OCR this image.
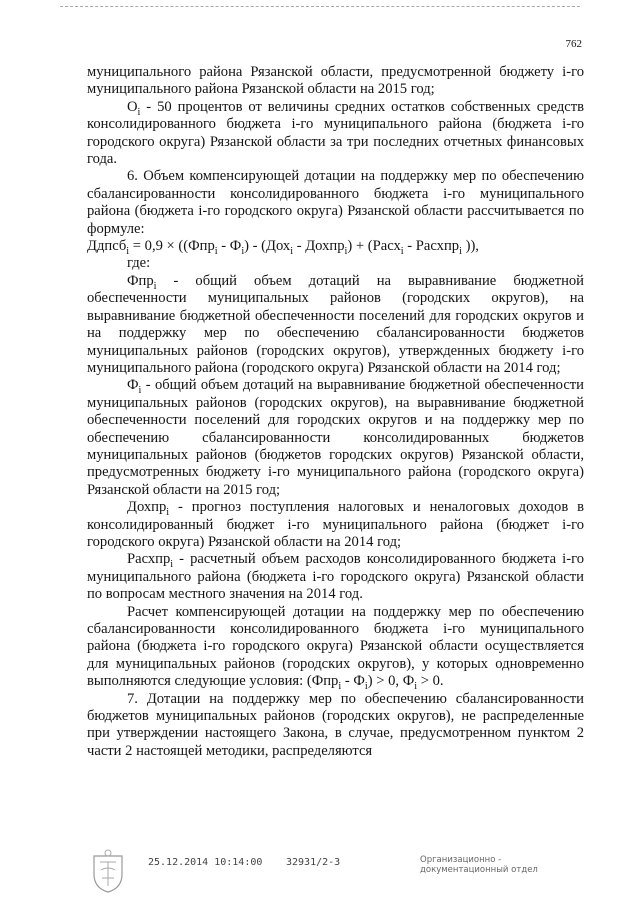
762

муниципального района Рязанской области, предусмотренной бюджету i-го муниципального района Рязанской области на 2015 год;

$O_i - 50$ процентов от величины средних остатков собственных средств консолидированного бюджета i-го муниципального района (бюджета i-го городского округа) Рязанской области за три последних отчетных финансовых года.

6. Объем компенсирующей дотации на поддержку мер по обеспечению сбалансированности консолидированного бюджета i-го муниципального района (бюджета i-го городского округа) Рязанской области рассчитывается по формуле:

Ддпсб$_i$ = $0,9 \times ((Фпр_i - Ф_i) - (Дох_i$ - Дохпр$_i$) + (Расх$_i$ - Расхпр$_i$ )),

где:

Фпр$_i$ - общий объем дотаций на выравнивание бюджетной обеспеченности муниципальных районов (городских округов), на выравнивание бюджетной обеспеченности поселений для городских округов и на поддержку мер по обеспечению сбалансированности бюджетов муниципальных районов (городских округов), утвержденных бюджету i-го муниципального района (городского округа) Рязанской области на 2014 год;

$Ф_i$ - общий объем дотаций на выравнивание бюджетной обеспеченности муниципальных районов (городских округов), на выравнивание бюджетной обеспеченности поселений для городских округов и на поддержку мер по обеспечению сбалансированности консолидированных бюджетов муниципальных районов (бюджетов городских округов) Рязанской области, предусмотренных бюджету i-го муниципального района (городского округа) Рязанской области на 2015 год;

Дохпр$_i$ - прогноз поступления налоговых и неналоговых доходов в консолидированный бюджет i-го муниципального района (бюджет i-го городского округа) Рязанской области на 2014 год;

Расхпр$_i$ - расчетный объем расходов консолидированного бюджета i-го муниципального района (бюджета i-го городского округа) Рязанской области по вопросам местного значения на 2014 год.

Расчет компенсирующей дотации на поддержку мер по обеспечению сбалансированности консолидированного бюджета i-го муниципального района (бюджета i-го городского округа) Рязанской области осуществляется для муниципальных районов (городских округов), у которых одновременно выполняются следующие условия: $(Фпр_i - Ф_i) > 0$, $Ф_i > 0$.

7. Дотации на поддержку мер по обеспечению сбалансированности бюджетов муниципальных районов (городских округов), не распределенные при утверждении настоящего Закона, в случае, предусмотренном пунктом 2 части 2 настоящей методики, распределяются

25.12.2014 10:14:00 32931/2-3	Организационно -
документационный отдел
